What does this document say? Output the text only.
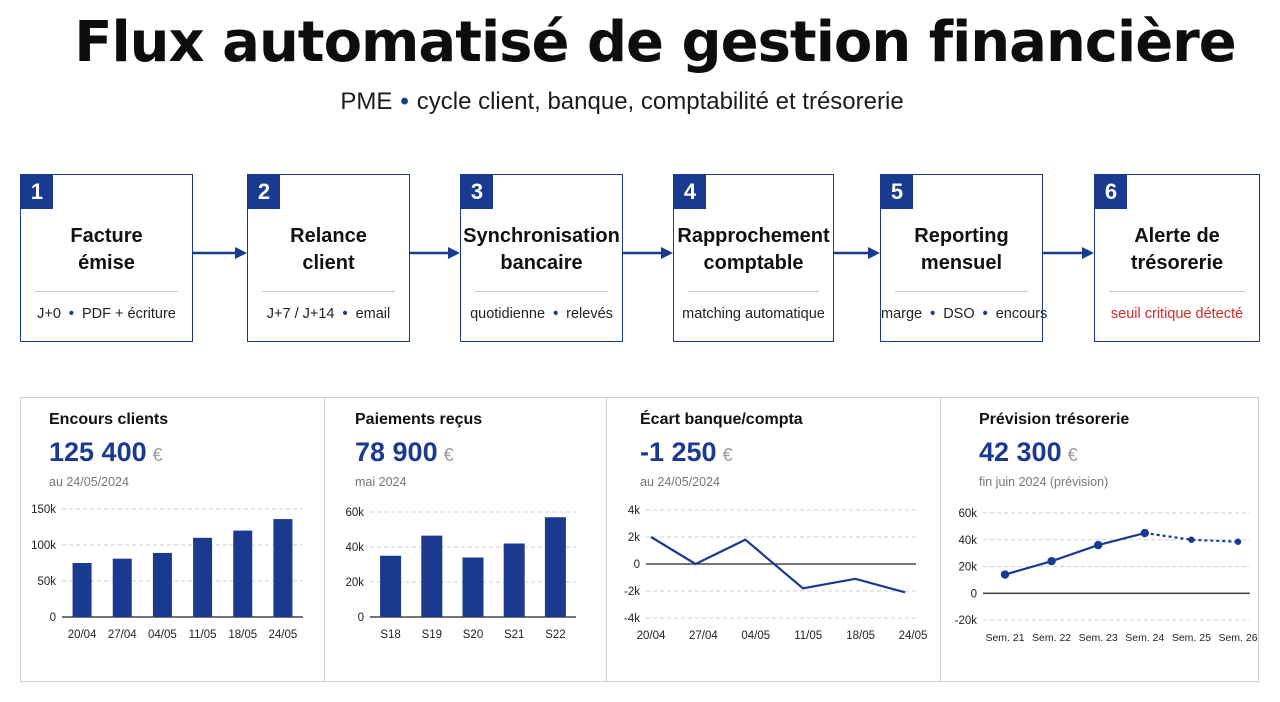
Flux automatisé de gestion financière
PME • cycle client, banque, comptabilité et trésorerie
1
Facture
émise
J+0 • PDF + écriture
2
Relance
client
J+7 / J+14 • email
3
Synchronisation
bancaire
quotidienne • relevés
4
Rapprochement
comptable
matching automatique
5
Reporting
mensuel
marge • DSO • encours
6
Alerte de
trésorerie
seuil critique détecté
Encours clients
125 400 €
au 24/05/2024
0
50k
100k
150k
20/04 27/04 04/05 11/05 18/05 24/05
Paiements reçus
78 900 €
mai 2024
0
20k
40k
60k
S18 S19 S20 S21 S22
Écart banque/compta
-1 250 €
au 24/05/2024
-4k
-2k
0
2k
4k
20/04 27/04 04/05 11/05 18/05 24/05
Prévision trésorerie
42 300 €
fin juin 2024 (prévision)
-20k
0
20k
40k
60k
Sem. 21 Sem. 22 Sem. 23 Sem. 24 Sem. 25 Sem. 26
